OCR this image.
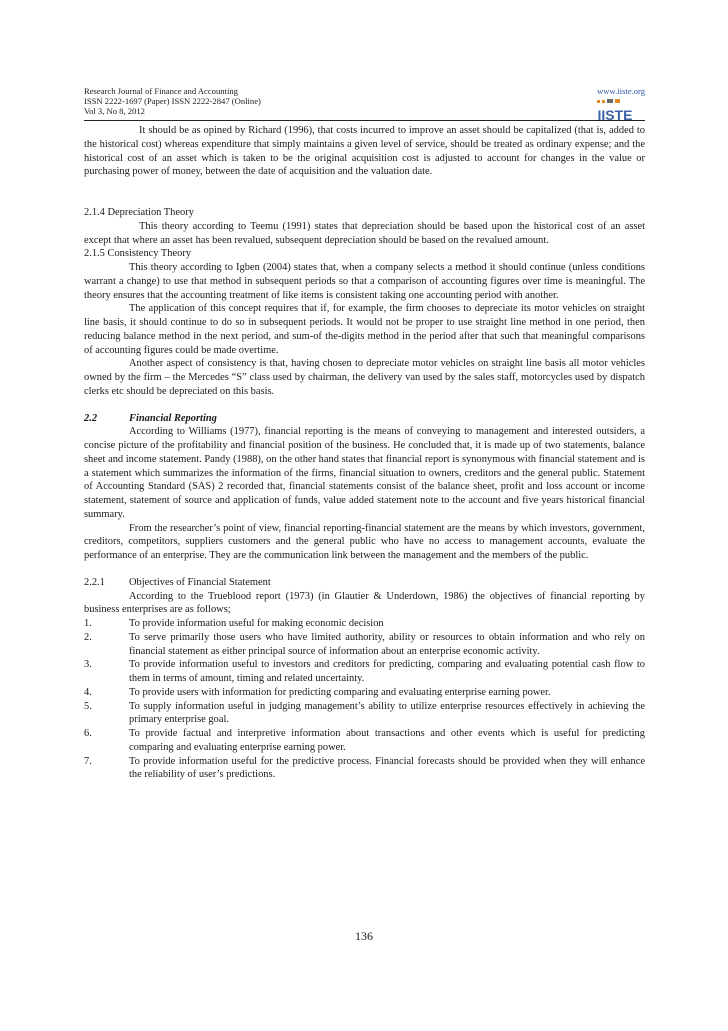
Research Journal of Finance and Accounting
ISSN 2222-1697 (Paper) ISSN 2222-2847 (Online)
Vol 3, No 8, 2012
www.iiste.org
IISTE

It should be as opined by Richard (1996), that costs incurred to improve an asset should be capitalized (that is, added to the historical cost) whereas expenditure that simply maintains a given level of service, should be treated as ordinary expense; and the historical cost of an asset which is taken to be the original acquisition cost is adjusted to account for changes in the value or purchasing power of money, between the date of acquisition and the valuation date.

2.1.4 Depreciation Theory

This theory according to Teemu (1991) states that depreciation should be based upon the historical cost of an asset except that where an asset has been revalued, subsequent depreciation should be based on the revalued amount.

2.1.5 Consistency Theory

This theory according to Igben (2004) states that, when a company selects a method it should continue (unless conditions warrant a change) to use that method in subsequent periods so that a comparison of accounting figures over time is meaningful. The theory ensures that the accounting treatment of like items is consistent taking one accounting period with another.

The application of this concept requires that if, for example, the firm chooses to depreciate its motor vehicles on straight line basis, it should continue to do so in subsequent periods. It would not be proper to use straight line method in one period, then reducing balance method in the next period, and sum-of the-digits method in the period after that such that meaningful comparisons of accounting figures could be made overtime.

Another aspect of consistency is that, having chosen to depreciate motor vehicles on straight line basis all motor vehicles owned by the firm – the Mercedes “S” class used by chairman, the delivery van used by the sales staff, motorcycles used by dispatch clerks etc should be depreciated on this basis.

2.2	Financial Reporting

According to Williams (1977), financial reporting is the means of conveying to management and interested outsiders, a concise picture of the profitability and financial position of the business. He concluded that, it is made up of two statements, balance sheet and income statement. Pandy (1988), on the other hand states that financial report is synonymous with financial statement and is a statement which summarizes the information of the firms, financial situation to owners, creditors and the general public. Statement of Accounting Standard (SAS) 2 recorded that, financial statements consist of the balance sheet, profit and loss account or income statement, statement of source and application of funds, value added statement note to the account and five years historical financial summary.

From the researcher’s point of view, financial reporting-financial statement are the means by which investors, government, creditors, competitors, suppliers customers and the general public who have no access to management accounts, evaluate the performance of an enterprise. They are the communication link between the management and the members of the public.

2.2.1 Objectives of Financial Statement

According to the Trueblood report (1973) (in Glautier & Underdown, 1986) the objectives of financial reporting by business enterprises are as follows;

1.	To provide information useful for making economic decision
2.	To serve primarily those users who have limited authority, ability or resources to obtain information and who rely on financial statement as either principal source of information about an enterprise economic activity.
3.	To provide information useful to investors and creditors for predicting, comparing and evaluating potential cash flow to them in terms of amount, timing and related uncertainty.
4.	To provide users with information for predicting comparing and evaluating enterprise earning power.
5.	To supply information useful in judging management’s ability to utilize enterprise resources effectively in achieving the primary enterprise goal.
6.	To provide factual and interpretive information about transactions and other events which is useful for predicting comparing and evaluating enterprise earning power.
7.	To provide information useful for the predictive process. Financial forecasts should be provided when they will enhance the reliability of user’s predictions.
136
